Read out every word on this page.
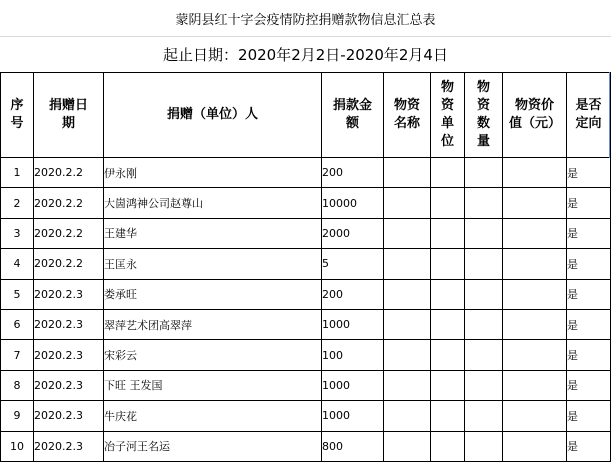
蒙阴县红十字会疫情防控捐赠款物信息汇总表
起止日期：2020年2月2日-2020年2月4日
序号	捐赠日期	捐赠（单位）人	捐款金额	物资名称	物资单位	物资数量	物资价值（元）	是否定向
1	2020.2.2	伊永刚	200					是
2	2020.2.2	大崮鸿神公司赵尊山	10000					是
3	2020.2.2	王建华	2000					是
4	2020.2.2	王匡永	5					是
5	2020.2.3	娄承旺	200					是
6	2020.2.3	翠萍艺术团高翠萍	1000					是
7	2020.2.3	宋彩云	100					是
8	2020.2.3	下旺 王发国	1000					是
9	2020.2.3	牛庆花	1000					是
10	2020.2.3	冶子河王名运	800					是
